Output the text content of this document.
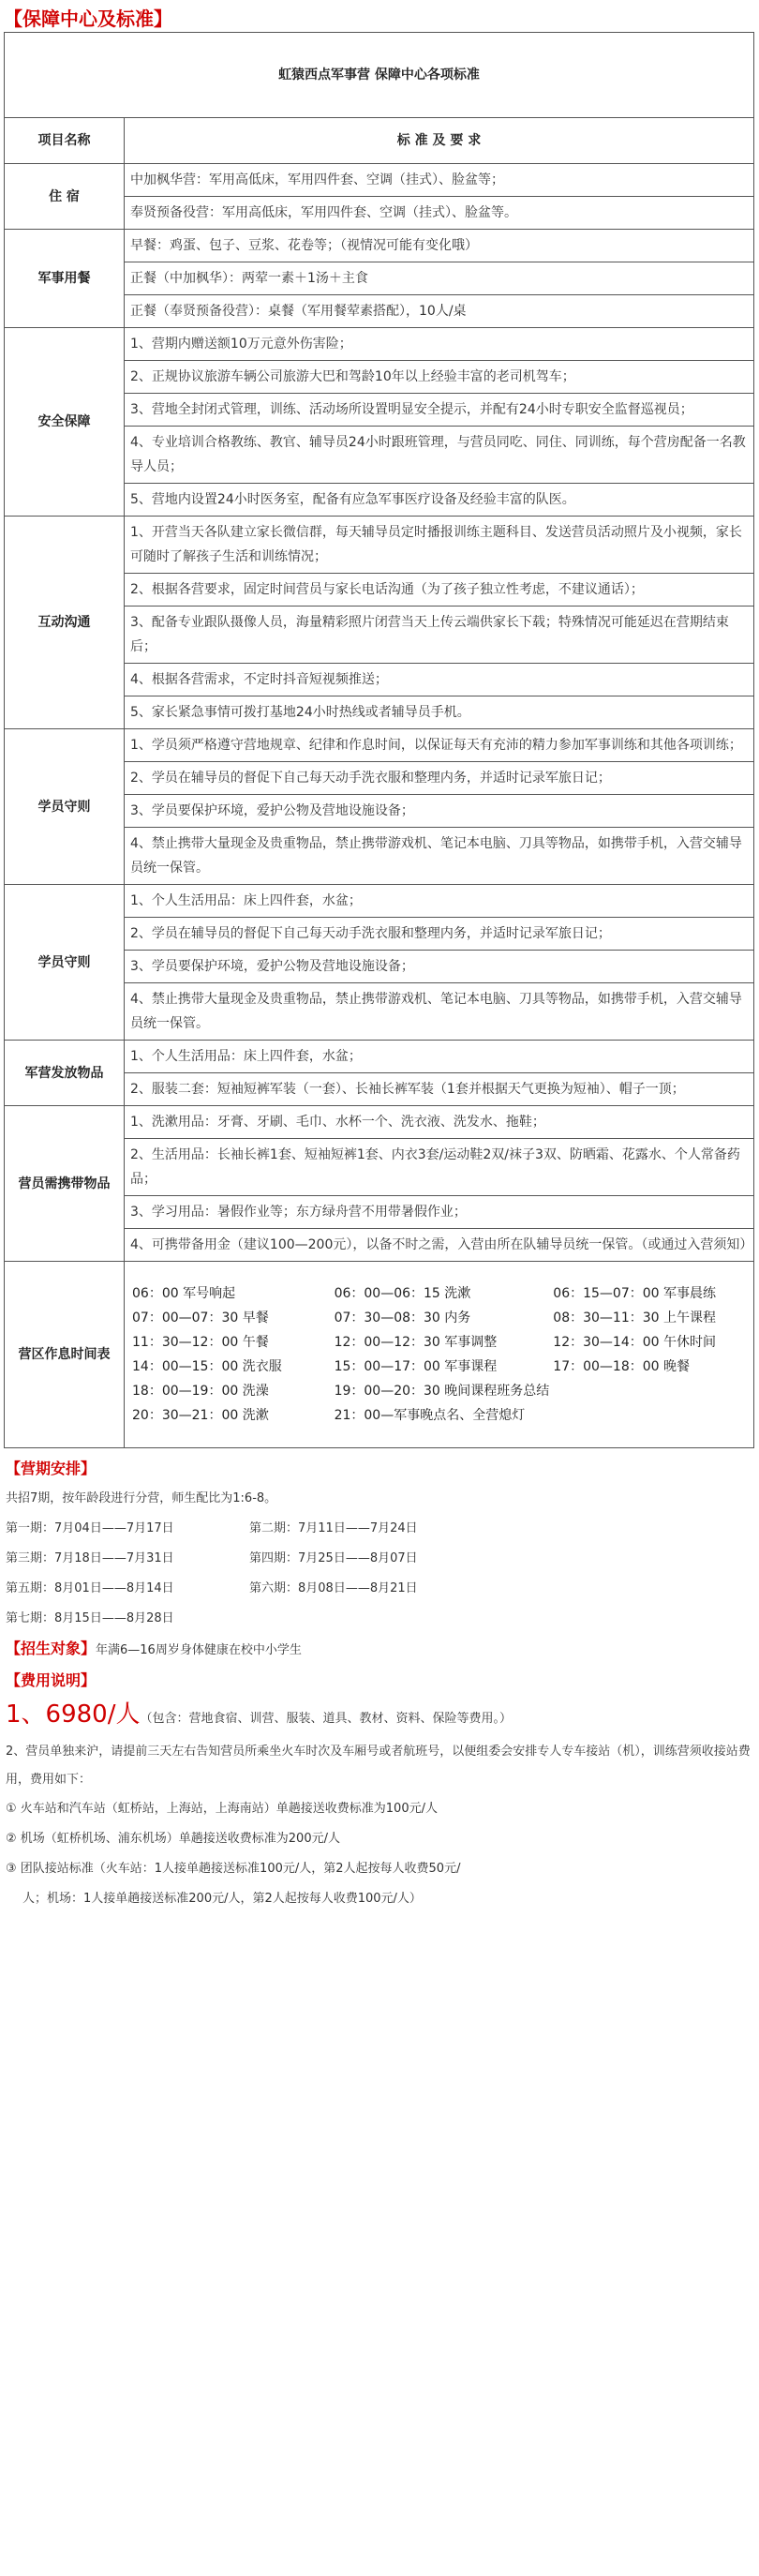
【保障中心及标准】
虹猿西点军事营 保障中心各项标准
项目名称	标 准 及 要 求
住 宿	中加枫华营：军用高低床，军用四件套、空调（挂式）、脸盆等；
奉贤预备役营：军用高低床，军用四件套、空调（挂式）、脸盆等。
军事用餐	早餐：鸡蛋、包子、豆浆、花卷等；（视情况可能有变化哦）
正餐（中加枫华）：两荤一素＋1汤＋主食
正餐（奉贤预备役营）：桌餐（军用餐荤素搭配），10人/桌
安全保障	1、营期内赠送额10万元意外伤害险；
2、正规协议旅游车辆公司旅游大巴和驾龄10年以上经验丰富的老司机驾车；
3、营地全封闭式管理，训练、活动场所设置明显安全提示，并配有24小时专职安全监督巡视员；
4、专业培训合格教练、教官、辅导员24小时跟班管理，与营员同吃、同住、同训练，每个营房配备一名教导人员；
5、营地内设置24小时医务室，配备有应急军事医疗设备及经验丰富的队医。
互动沟通	1、开营当天各队建立家长微信群，每天辅导员定时播报训练主题科目、发送营员活动照片及小视频，家长可随时了解孩子生活和训练情况；
2、根据各营要求，固定时间营员与家长电话沟通（为了孩子独立性考虑，不建议通话）；
3、配备专业跟队摄像人员，海量精彩照片闭营当天上传云端供家长下载；特殊情况可能延迟在营期结束后；
4、根据各营需求，不定时抖音短视频推送；
5、家长紧急事情可拨打基地24小时热线或者辅导员手机。
学员守则	1、学员须严格遵守营地规章、纪律和作息时间，以保证每天有充沛的精力参加军事训练和其他各项训练；
2、学员在辅导员的督促下自己每天动手洗衣服和整理内务，并适时记录军旅日记；
3、学员要保护环境，爱护公物及营地设施设备；
4、禁止携带大量现金及贵重物品，禁止携带游戏机、笔记本电脑、刀具等物品，如携带手机，入营交辅导员统一保管。
学员守则	1、个人生活用品：床上四件套，水盆；
2、学员在辅导员的督促下自己每天动手洗衣服和整理内务，并适时记录军旅日记；
3、学员要保护环境，爱护公物及营地设施设备；
4、禁止携带大量现金及贵重物品，禁止携带游戏机、笔记本电脑、刀具等物品，如携带手机，入营交辅导员统一保管。
军营发放物品	1、个人生活用品：床上四件套，水盆；
2、服装二套：短袖短裤军装（一套）、长袖长裤军装（1套并根据天气更换为短袖）、帽子一顶；
营员需携带物品	1、洗漱用品：牙膏、牙刷、毛巾、水杯一个、洗衣液、洗发水、拖鞋；
2、生活用品：长袖长裤1套、短袖短裤1套、内衣3套/运动鞋2双/袜子3双、防晒霜、花露水、个人常备药品；
3、学习用品：暑假作业等；东方绿舟营不用带暑假作业；
4、可携带备用金（建议100—200元），以备不时之需，入营由所在队辅导员统一保管。（或通过入营须知）
营区作息时间表	
06：00 军号响起	06：00—06：15 洗漱	06：15—07：00 军事晨练
07：00—07：30 早餐	07：30—08：30 内务	08：30—11：30 上午课程
11：30—12：00 午餐	12：00—12：30 军事调整	12：30—14：00 午休时间
14：00—15：00 洗衣服	15：00—17：00 军事课程	17：00—18：00 晚餐
18：00—19：00 洗澡	19：00—20：30 晚间课程班务总结	
20：30—21：00 洗漱	21：00—军事晚点名、全营熄灯	
【营期安排】
共招7期，按年龄段进行分营，师生配比为1:6-8。
第一期：7月04日——7月17日	第二期：7月11日——7月24日
第三期：7月18日——7月31日	第四期：7月25日——8月07日
第五期：8月01日——8月14日	第六期：8月08日——8月21日
第七期：8月15日——8月28日
【招生对象】年满6—16周岁身体健康在校中小学生
【费用说明】
1、6980/人（包含：营地食宿、训营、服装、道具、教材、资料、保险等费用。）
2、营员单独来沪，请提前三天左右告知营员所乘坐火车时次及车厢号或者航班号，以便组委会安排专人专车接站（机），训练营须收接站费用，费用如下：
① 火车站和汽车站（虹桥站，上海站，上海南站）单趟接送收费标准为100元/人
② 机场（虹桥机场、浦东机场）单趟接送收费标准为200元/人
③ 团队接站标准（火车站：1人接单趟接送标准100元/人，第2人起按每人收费50元/
人；机场：1人接单趟接送标准200元/人，第2人起按每人收费100元/人）
